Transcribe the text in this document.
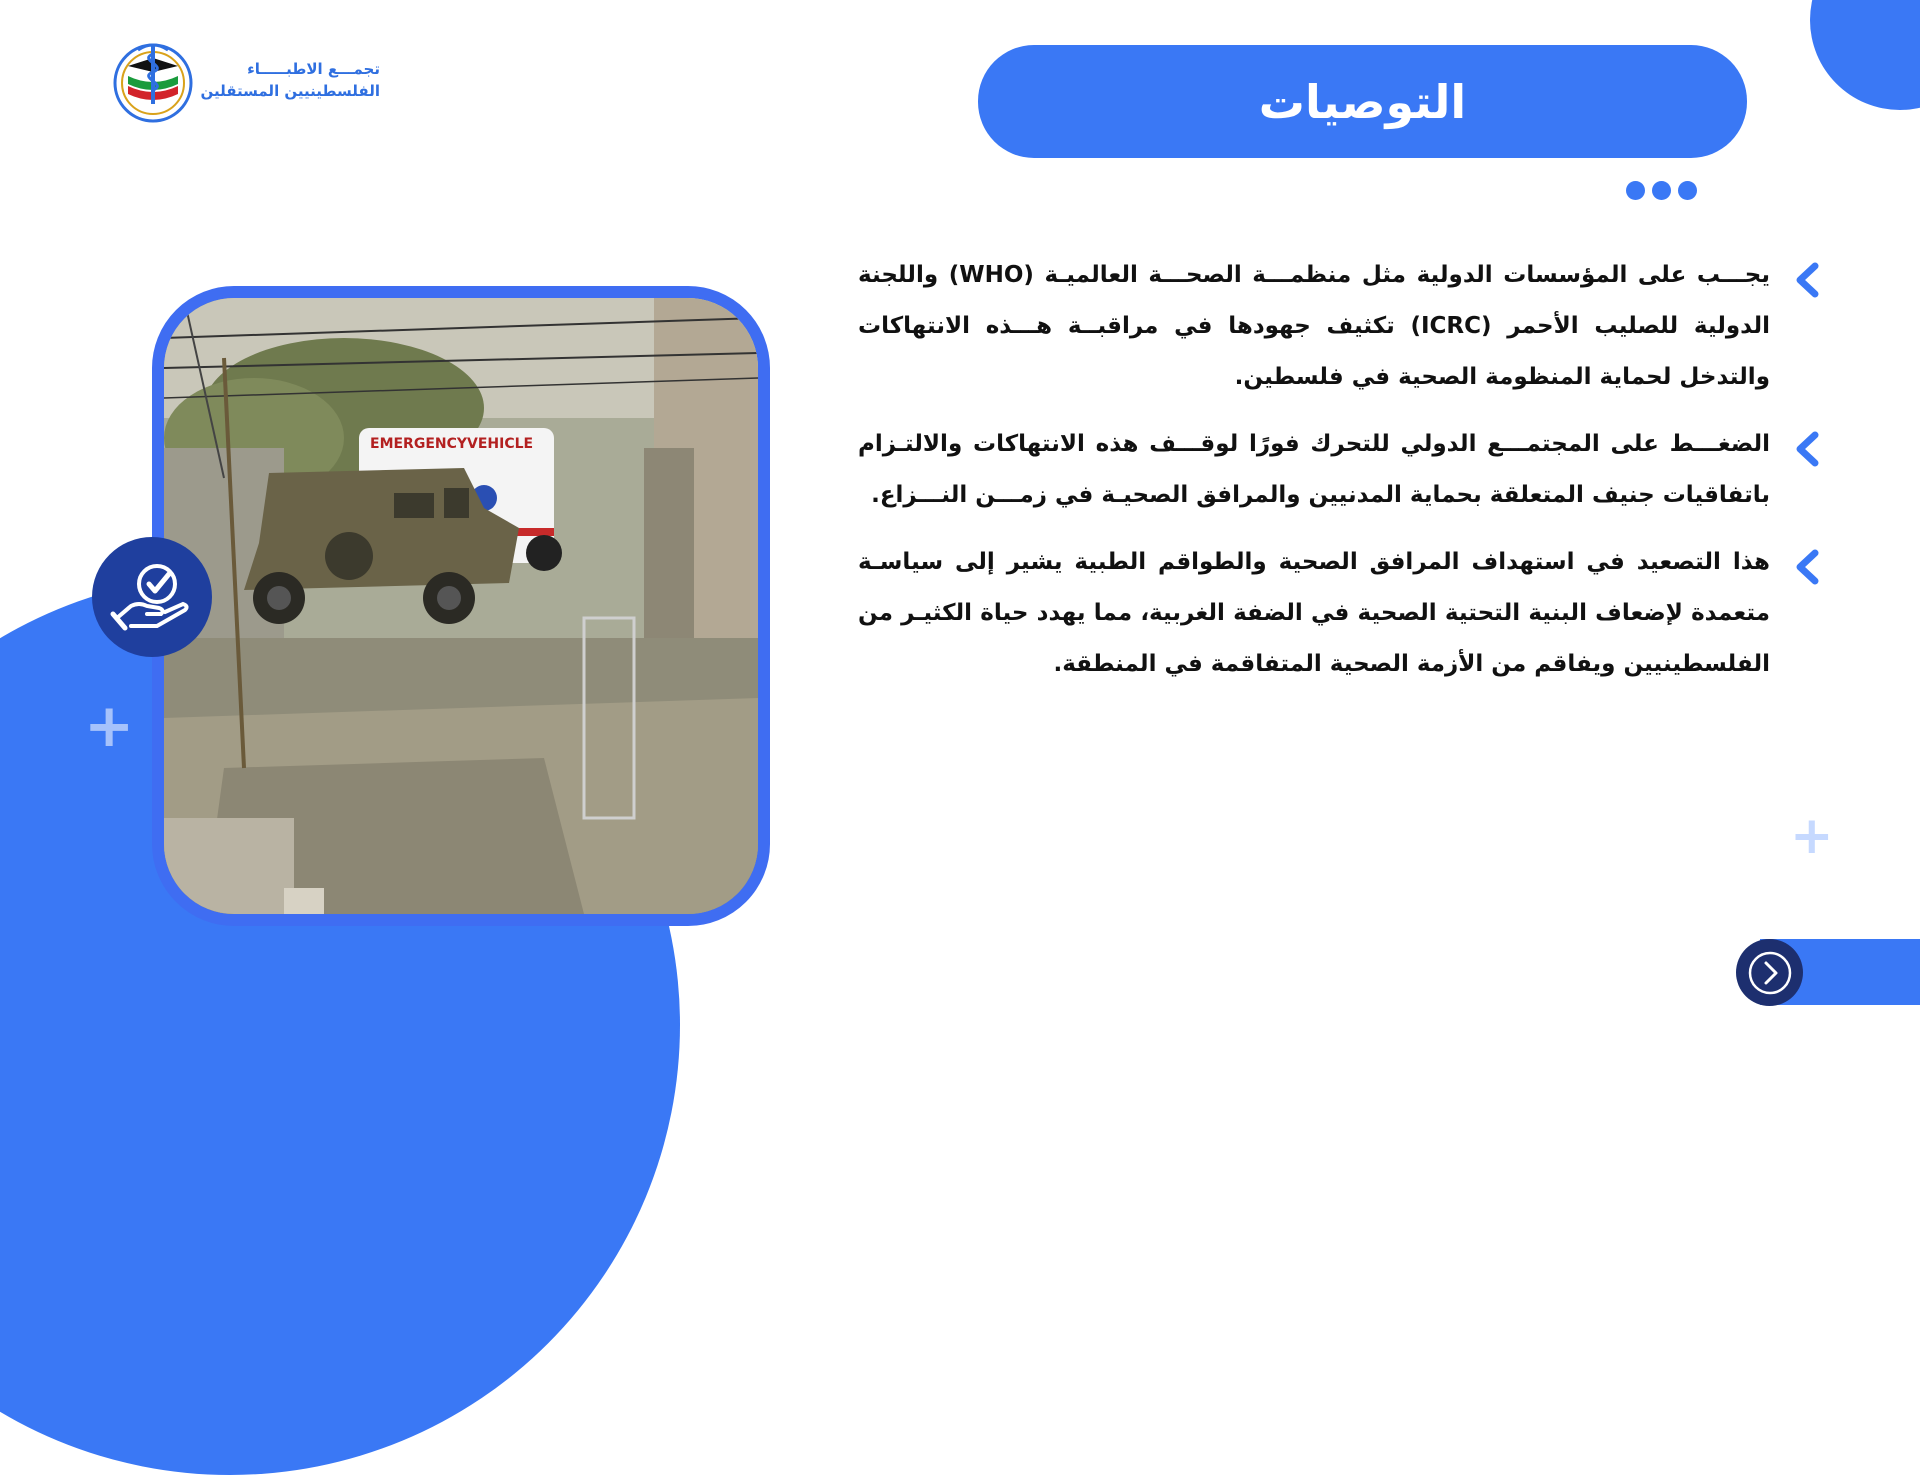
+
+
تجمـــع الاطبـــــاء
الفلسطينيين المستقلين	التوصيات

يجـــب على المؤسسات الدولية مثل منظمـــة الصحـــة العالميـة (WHO) واللجنة الدولية للصليب الأحمر (ICRC) تكثيف جهودها في مراقبــة هـــذه الانتهاكات والتدخل لحماية المنظومة الصحية في فلسطين.

الضغـــط على المجتمـــع الدولي للتحرك فورًا لوقـــف هذه الانتهاكات والالتـزام باتفاقيات جنيف المتعلقة بحماية المدنيين والمرافق الصحيـة في زمـــن النـــزاع.

هذا التصعيد في استهداف المرافق الصحية والطواقم الطبية يشير إلى سياسـة متعمدة لإضعاف البنية التحتية الصحية في الضفة الغربية، مما يهدد حياة الكثيـر من الفلسطينيين ويفاقم من الأزمة الصحية المتفاقمة في المنطقة.

EMERGENCYVEHICLE
